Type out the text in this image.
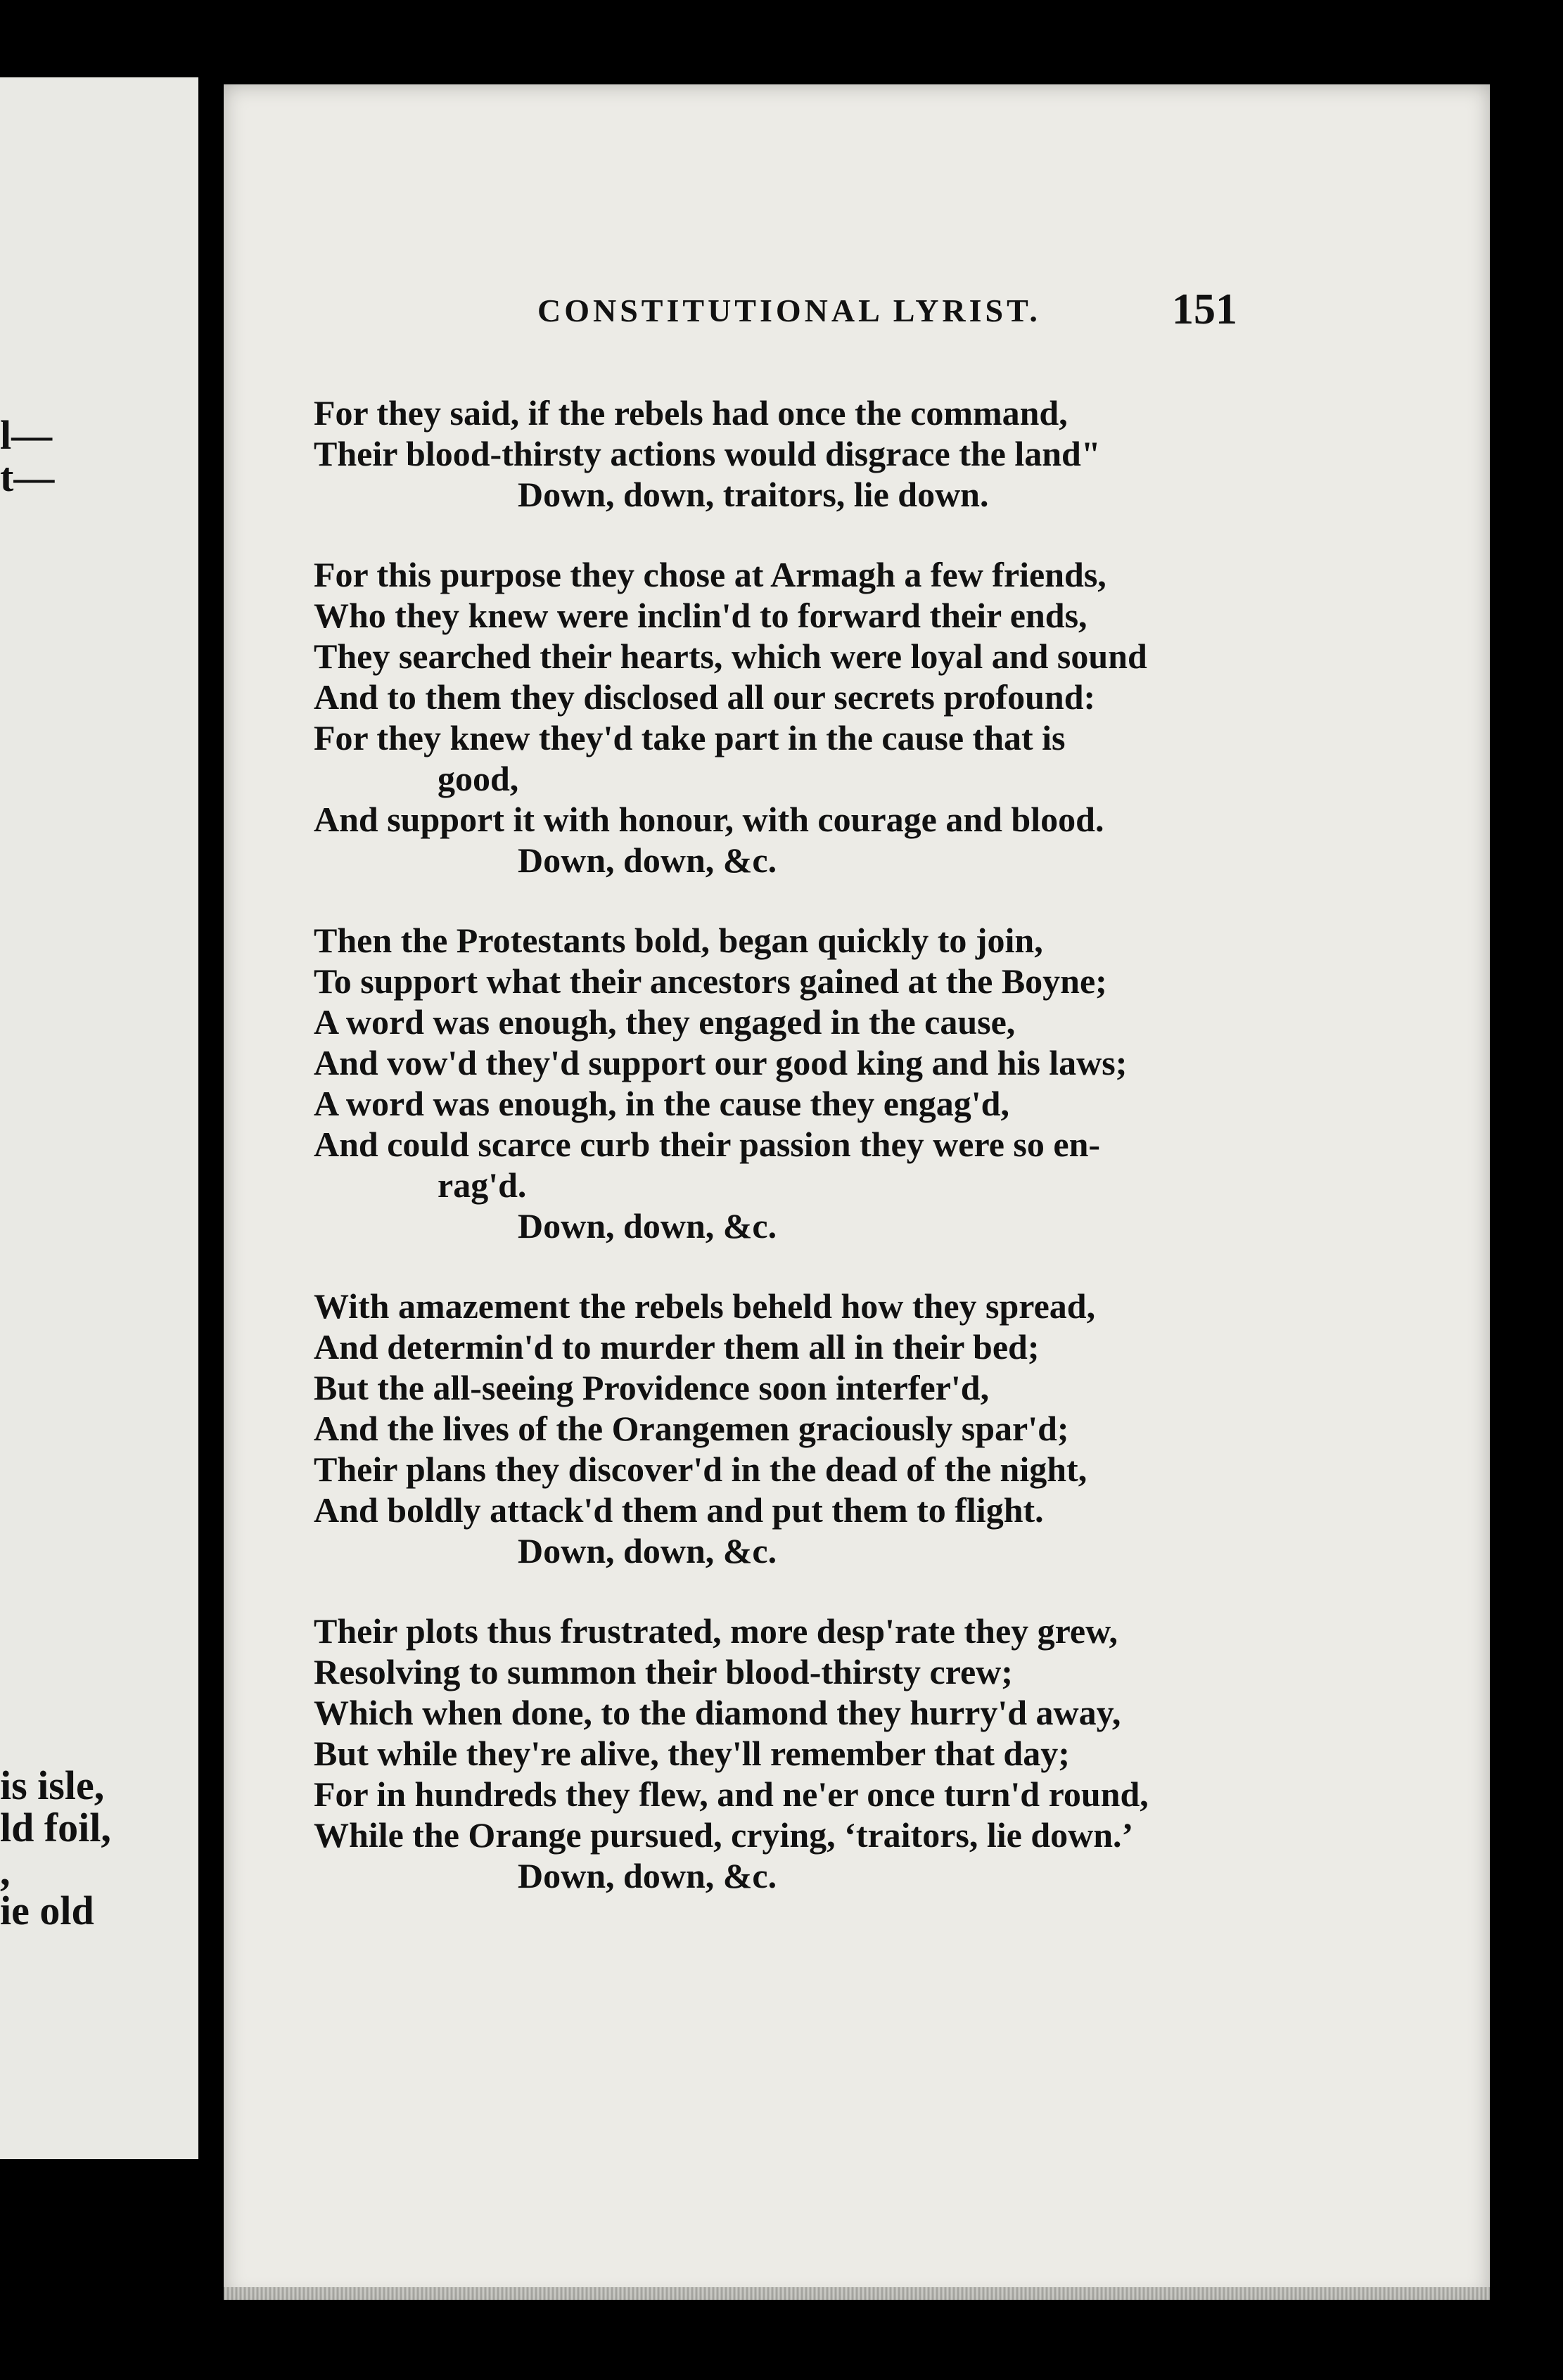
l—
t—
is isle,
ld foil,
,
ie old
CONSTITUTIONAL LYRIST.	151
For they said, if the rebels had once the command,
Their blood-thirsty actions would disgrace the land"
Down, down, traitors, lie down.
For this purpose they chose at Armagh a few friends,
Who they knew were inclin'd to forward their ends,
They searched their hearts, which were loyal and sound
And to them they disclosed all our secrets profound:
For they knew they'd take part in the cause that is
good,
And support it with honour, with courage and blood.
Down, down, &c.
Then the Protestants bold, began quickly to join,
To support what their ancestors gained at the Boyne;
A word was enough, they engaged in the cause,
And vow'd they'd support our good king and his laws;
A word was enough, in the cause they engag'd,
And could scarce curb their passion they were so en-
rag'd.
Down, down, &c.
With amazement the rebels beheld how they spread,
And determin'd to murder them all in their bed;
But the all-seeing Providence soon interfer'd,
And the lives of the Orangemen graciously spar'd;
Their plans they discover'd in the dead of the night,
And boldly attack'd them and put them to flight.
Down, down, &c.
Their plots thus frustrated, more desp'rate they grew,
Resolving to summon their blood-thirsty crew;
Which when done, to the diamond they hurry'd away,
But while they're alive, they'll remember that day;
For in hundreds they flew, and ne'er once turn'd round,
While the Orange pursued, crying, ‘traitors, lie down.’
Down, down, &c.
